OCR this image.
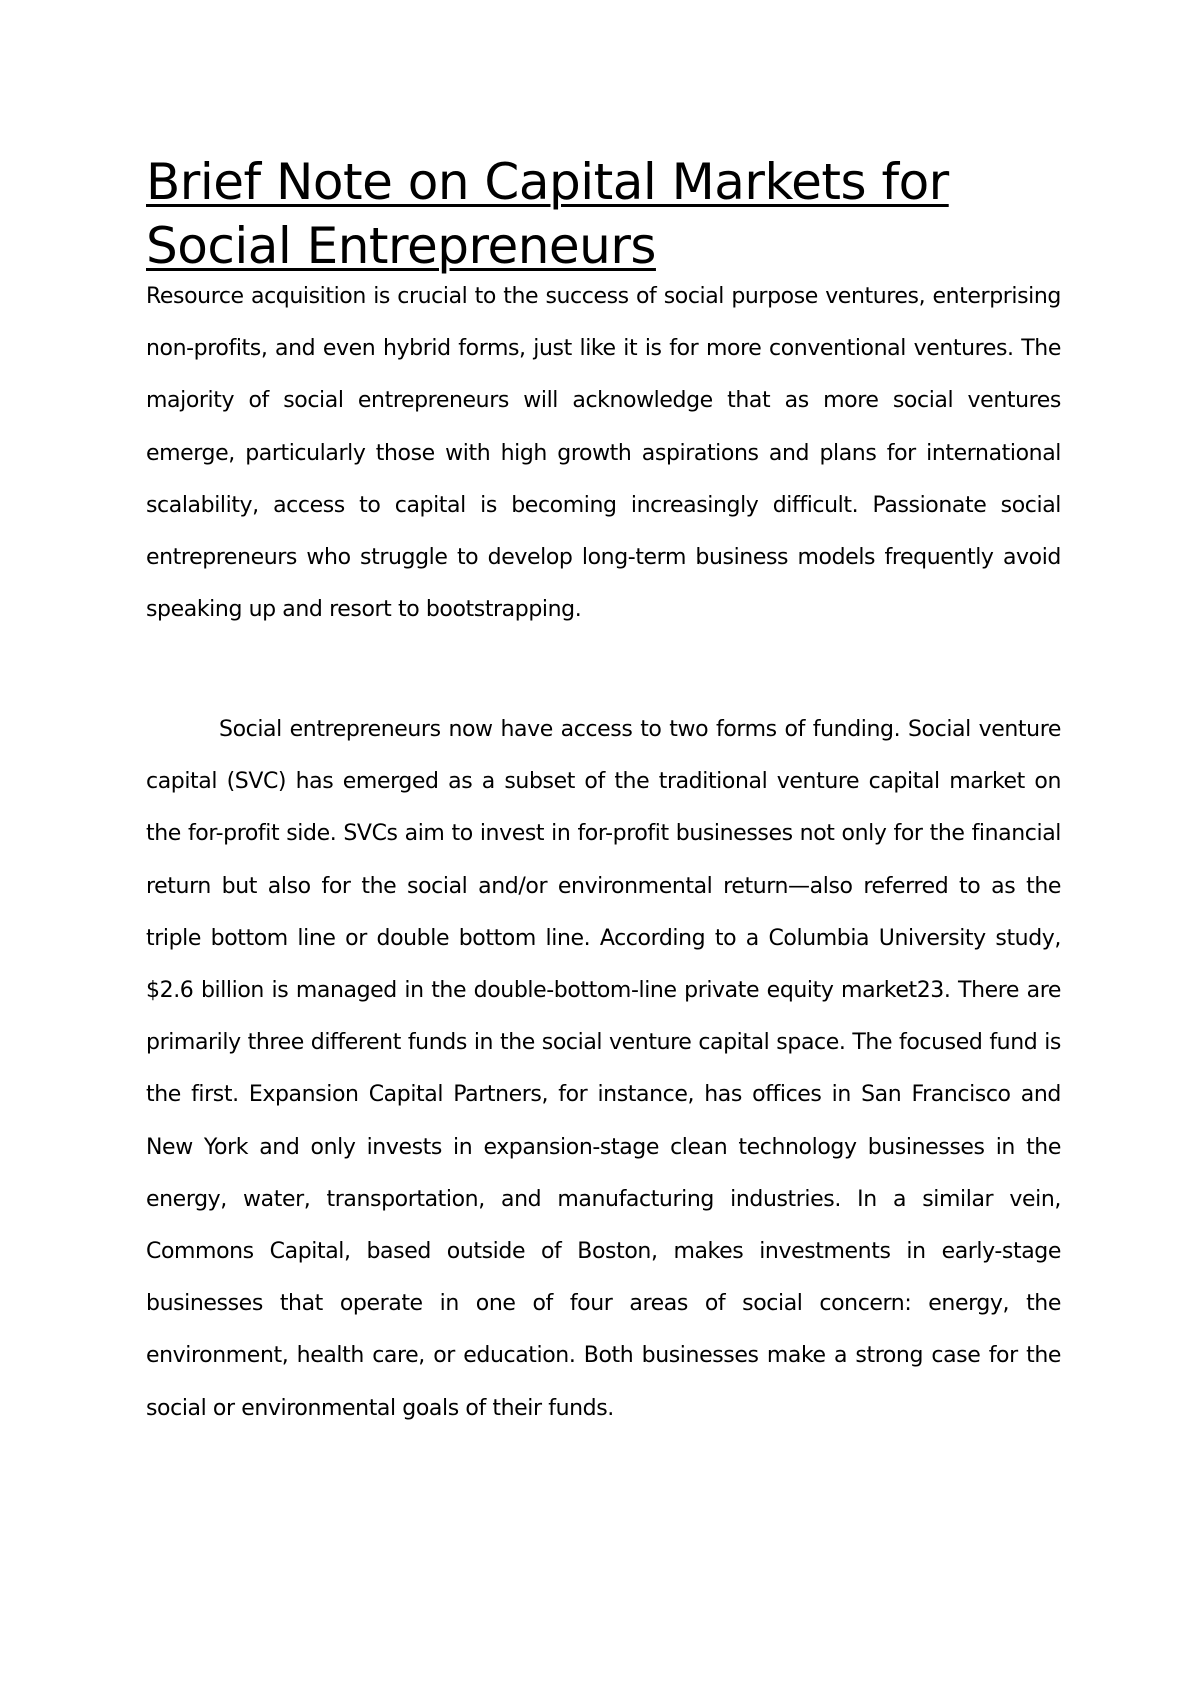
Brief Note on Capital Markets for Social Entrepreneurs

Resource acquisition is crucial to the success of social purpose ventures, enterprising non-profits, and even hybrid forms, just like it is for more conventional ventures. The majority of social entrepreneurs will acknowledge that as more social ventures emerge, particularly those with high growth aspirations and plans for international scalability, access to capital is becoming increasingly difficult. Passionate social entrepreneurs who struggle to develop long-term business models frequently avoid speaking up and resort to bootstrapping.

Social entrepreneurs now have access to two forms of funding. Social venture capital (SVC) has emerged as a subset of the traditional venture capital market on the for-profit side. SVCs aim to invest in for-profit businesses not only for the financial return but also for the social and/or environmental return—also referred to as the triple bottom line or double bottom line. According to a Columbia University study, $2.6 billion is managed in the double-bottom-line private equity market23. There are primarily three different funds in the social venture capital space. The focused fund is the first. Expansion Capital Partners, for instance, has offices in San Francisco and New York and only invests in expansion-stage clean technology businesses in the energy, water, transportation, and manufacturing industries. In a similar vein, Commons Capital, based outside of Boston, makes investments in early-stage businesses that operate in one of four areas of social concern: energy, the environment, health care, or education. Both businesses make a strong case for the social or environmental goals of their funds.
